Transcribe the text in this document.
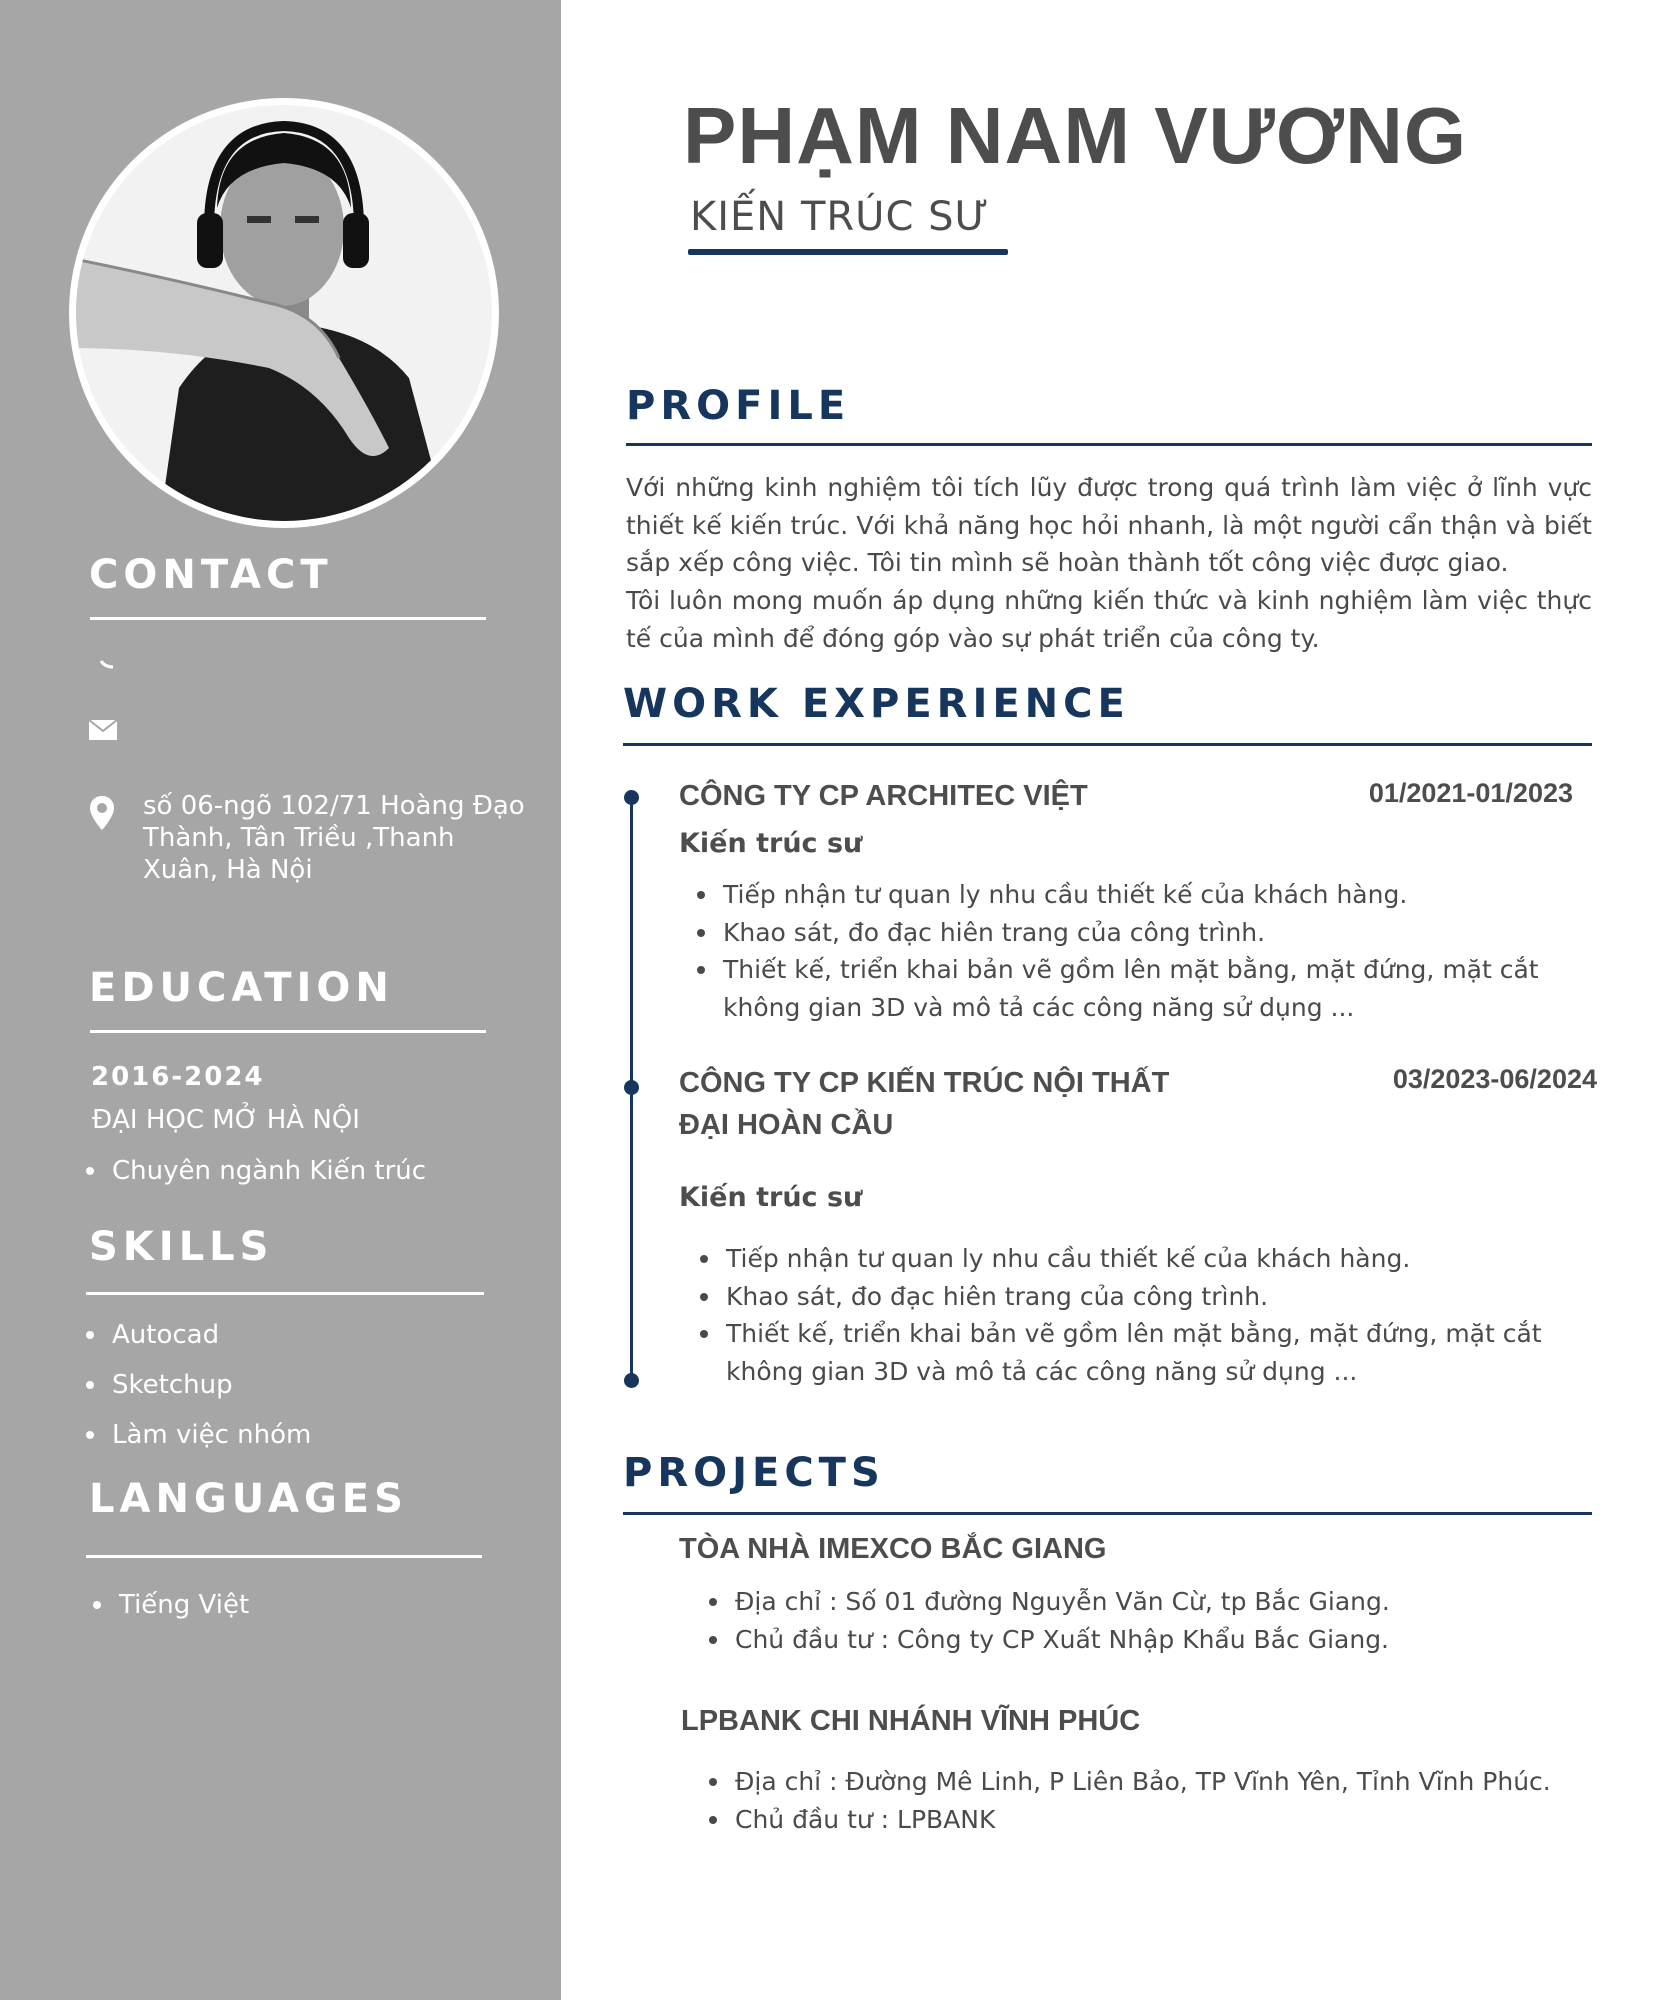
CONTACT
số 06-ngõ 102/71 Hoàng Đạo Thành, Tân Triều ,Thanh Xuân, Hà Nội
EDUCATION
2016-2024
ĐẠI HỌC MỞ HÀ NỘI
Chuyên ngành Kiến trúc
SKILLS
Autocad
Sketchup
Làm việc nhóm
LANGUAGES
Tiếng Việt
PHẠM NAM VƯƠNG
KIẾN TRÚC SƯ
PROFILE

Với những kinh nghiệm tôi tích lũy được trong quá trình làm việc ở lĩnh vực thiết kế kiến trúc. Với khả năng học hỏi nhanh, là một người cẩn thận và biết sắp xếp công việc. Tôi tin mình sẽ hoàn thành tốt công việc được giao.

Tôi luôn mong muốn áp dụng những kiến thức và kinh nghiệm làm việc thực tế của mình để đóng góp vào sự phát triển của công ty.

WORK EXPERIENCE
CÔNG TY CP ARCHITEC VIỆT	01/2021-01/2023
Kiến trúc sư
Tiếp nhận tư quan ly nhu cầu thiết kế của khách hàng.
Khao sát, đo đạc hiên trang của công trình.
Thiết kế, triển khai bản vẽ gồm lên mặt bằng, mặt đứng, mặt cắt không gian 3D và mô tả các công năng sử dụng ...
CÔNG TY CP KIẾN TRÚC NỘI THẤT
ĐẠI HOÀN CẦU
03/2023-06/2024
Kiến trúc sư
Tiếp nhận tư quan ly nhu cầu thiết kế của khách hàng.
Khao sát, đo đạc hiên trang của công trình.
Thiết kế, triển khai bản vẽ gồm lên mặt bằng, mặt đứng, mặt cắt không gian 3D và mô tả các công năng sử dụng ...
PROJECTS
TÒA NHÀ IMEXCO BẮC GIANG
Địa chỉ : Số 01 đường Nguyễn Văn Cừ, tp Bắc Giang.
Chủ đầu tư : Công ty CP Xuất Nhập Khẩu Bắc Giang.
LPBANK CHI NHÁNH VĨNH PHÚC
Địa chỉ : Đường Mê Linh, P Liên Bảo, TP Vĩnh Yên, Tỉnh Vĩnh Phúc.
Chủ đầu tư : LPBANK
